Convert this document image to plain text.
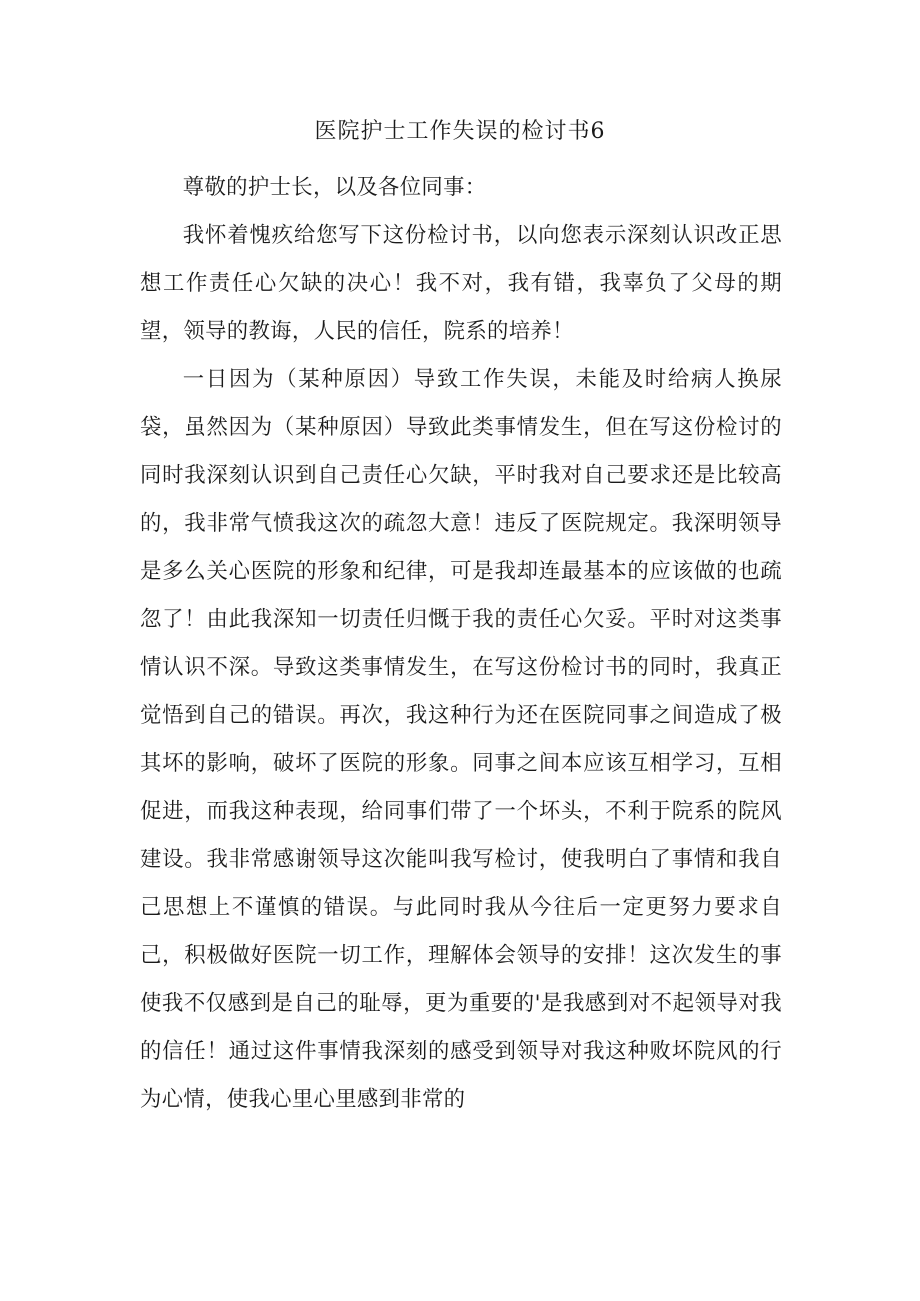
医院护士工作失误的检讨书6

尊敬的护士长，以及各位同事：

我怀着愧疚给您写下这份检讨书，以向您表示深刻认识改正思想工作责任心欠缺的决心！我不对，我有错，我辜负了父母的期望，领导的教诲，人民的信任，院系的培养！

一日因为（某种原因）导致工作失误，未能及时给病人换尿袋，虽然因为（某种原因）导致此类事情发生，但在写这份检讨的同时我深刻认识到自己责任心欠缺，平时我对自己要求还是比较高的，我非常气愤我这次的疏忽大意！违反了医院规定。我深明领导是多么关心医院的形象和纪律，可是我却连最基本的应该做的也疏忽了！由此我深知一切责任归慨于我的责任心欠妥。平时对这类事情认识不深。导致这类事情发生，在写这份检讨书的同时，我真正觉悟到自己的错误。再次，我这种行为还在医院同事之间造成了极其坏的影响，破坏了医院的形象。同事之间本应该互相学习，互相促进，而我这种表现，给同事们带了一个坏头，不利于院系的院风建设。我非常感谢领导这次能叫我写检讨，使我明白了事情和我自己思想上不谨慎的错误。与此同时我从今往后一定更努力要求自己，积极做好医院一切工作，理解体会领导的安排！这次发生的事使我不仅感到是自己的耻辱，更为重要的'是我感到对不起领导对我的信任！通过这件事情我深刻的感受到领导对我这种败坏院风的行为心情，使我心里心里感到非常的
